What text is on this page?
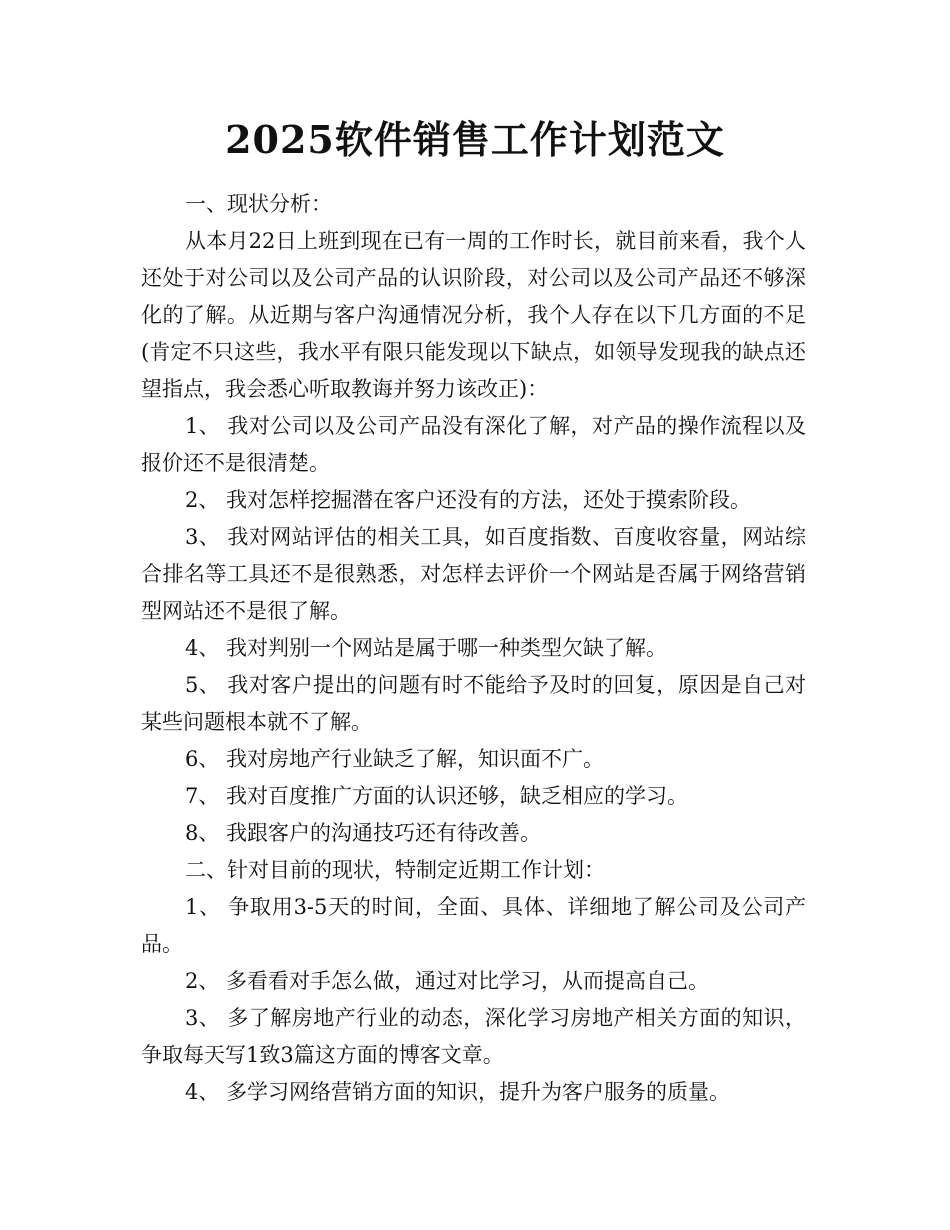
2025软件销售工作计划范文

一、现状分析：

从本月22日上班到现在已有一周的工作时长，就目前来看，我个人还处于对公司以及公司产品的认识阶段，对公司以及公司产品还不够深化的了解。从近期与客户沟通情况分析，我个人存在以下几方面的不足(肯定不只这些，我水平有限只能发现以下缺点，如领导发现我的缺点还望指点，我会悉心听取教诲并努力该改正)：

1、 我对公司以及公司产品没有深化了解，对产品的操作流程以及报价还不是很清楚。

2、 我对怎样挖掘潜在客户还没有的方法，还处于摸索阶段。

3、 我对网站评估的相关工具，如百度指数、百度收容量，网站综合排名等工具还不是很熟悉，对怎样去评价一个网站是否属于网络营销型网站还不是很了解。

4、 我对判别一个网站是属于哪一种类型欠缺了解。

5、 我对客户提出的问题有时不能给予及时的回复，原因是自己对某些问题根本就不了解。

6、 我对房地产行业缺乏了解，知识面不广。

7、 我对百度推广方面的认识还够，缺乏相应的学习。

8、 我跟客户的沟通技巧还有待改善。

二、针对目前的现状，特制定近期工作计划：

1、 争取用3-5天的时间，全面、具体、详细地了解公司及公司产品。

2、 多看看对手怎么做，通过对比学习，从而提高自己。

3、 多了解房地产行业的动态，深化学习房地产相关方面的知识，争取每天写1致3篇这方面的博客文章。

4、 多学习网络营销方面的知识，提升为客户服务的质量。
